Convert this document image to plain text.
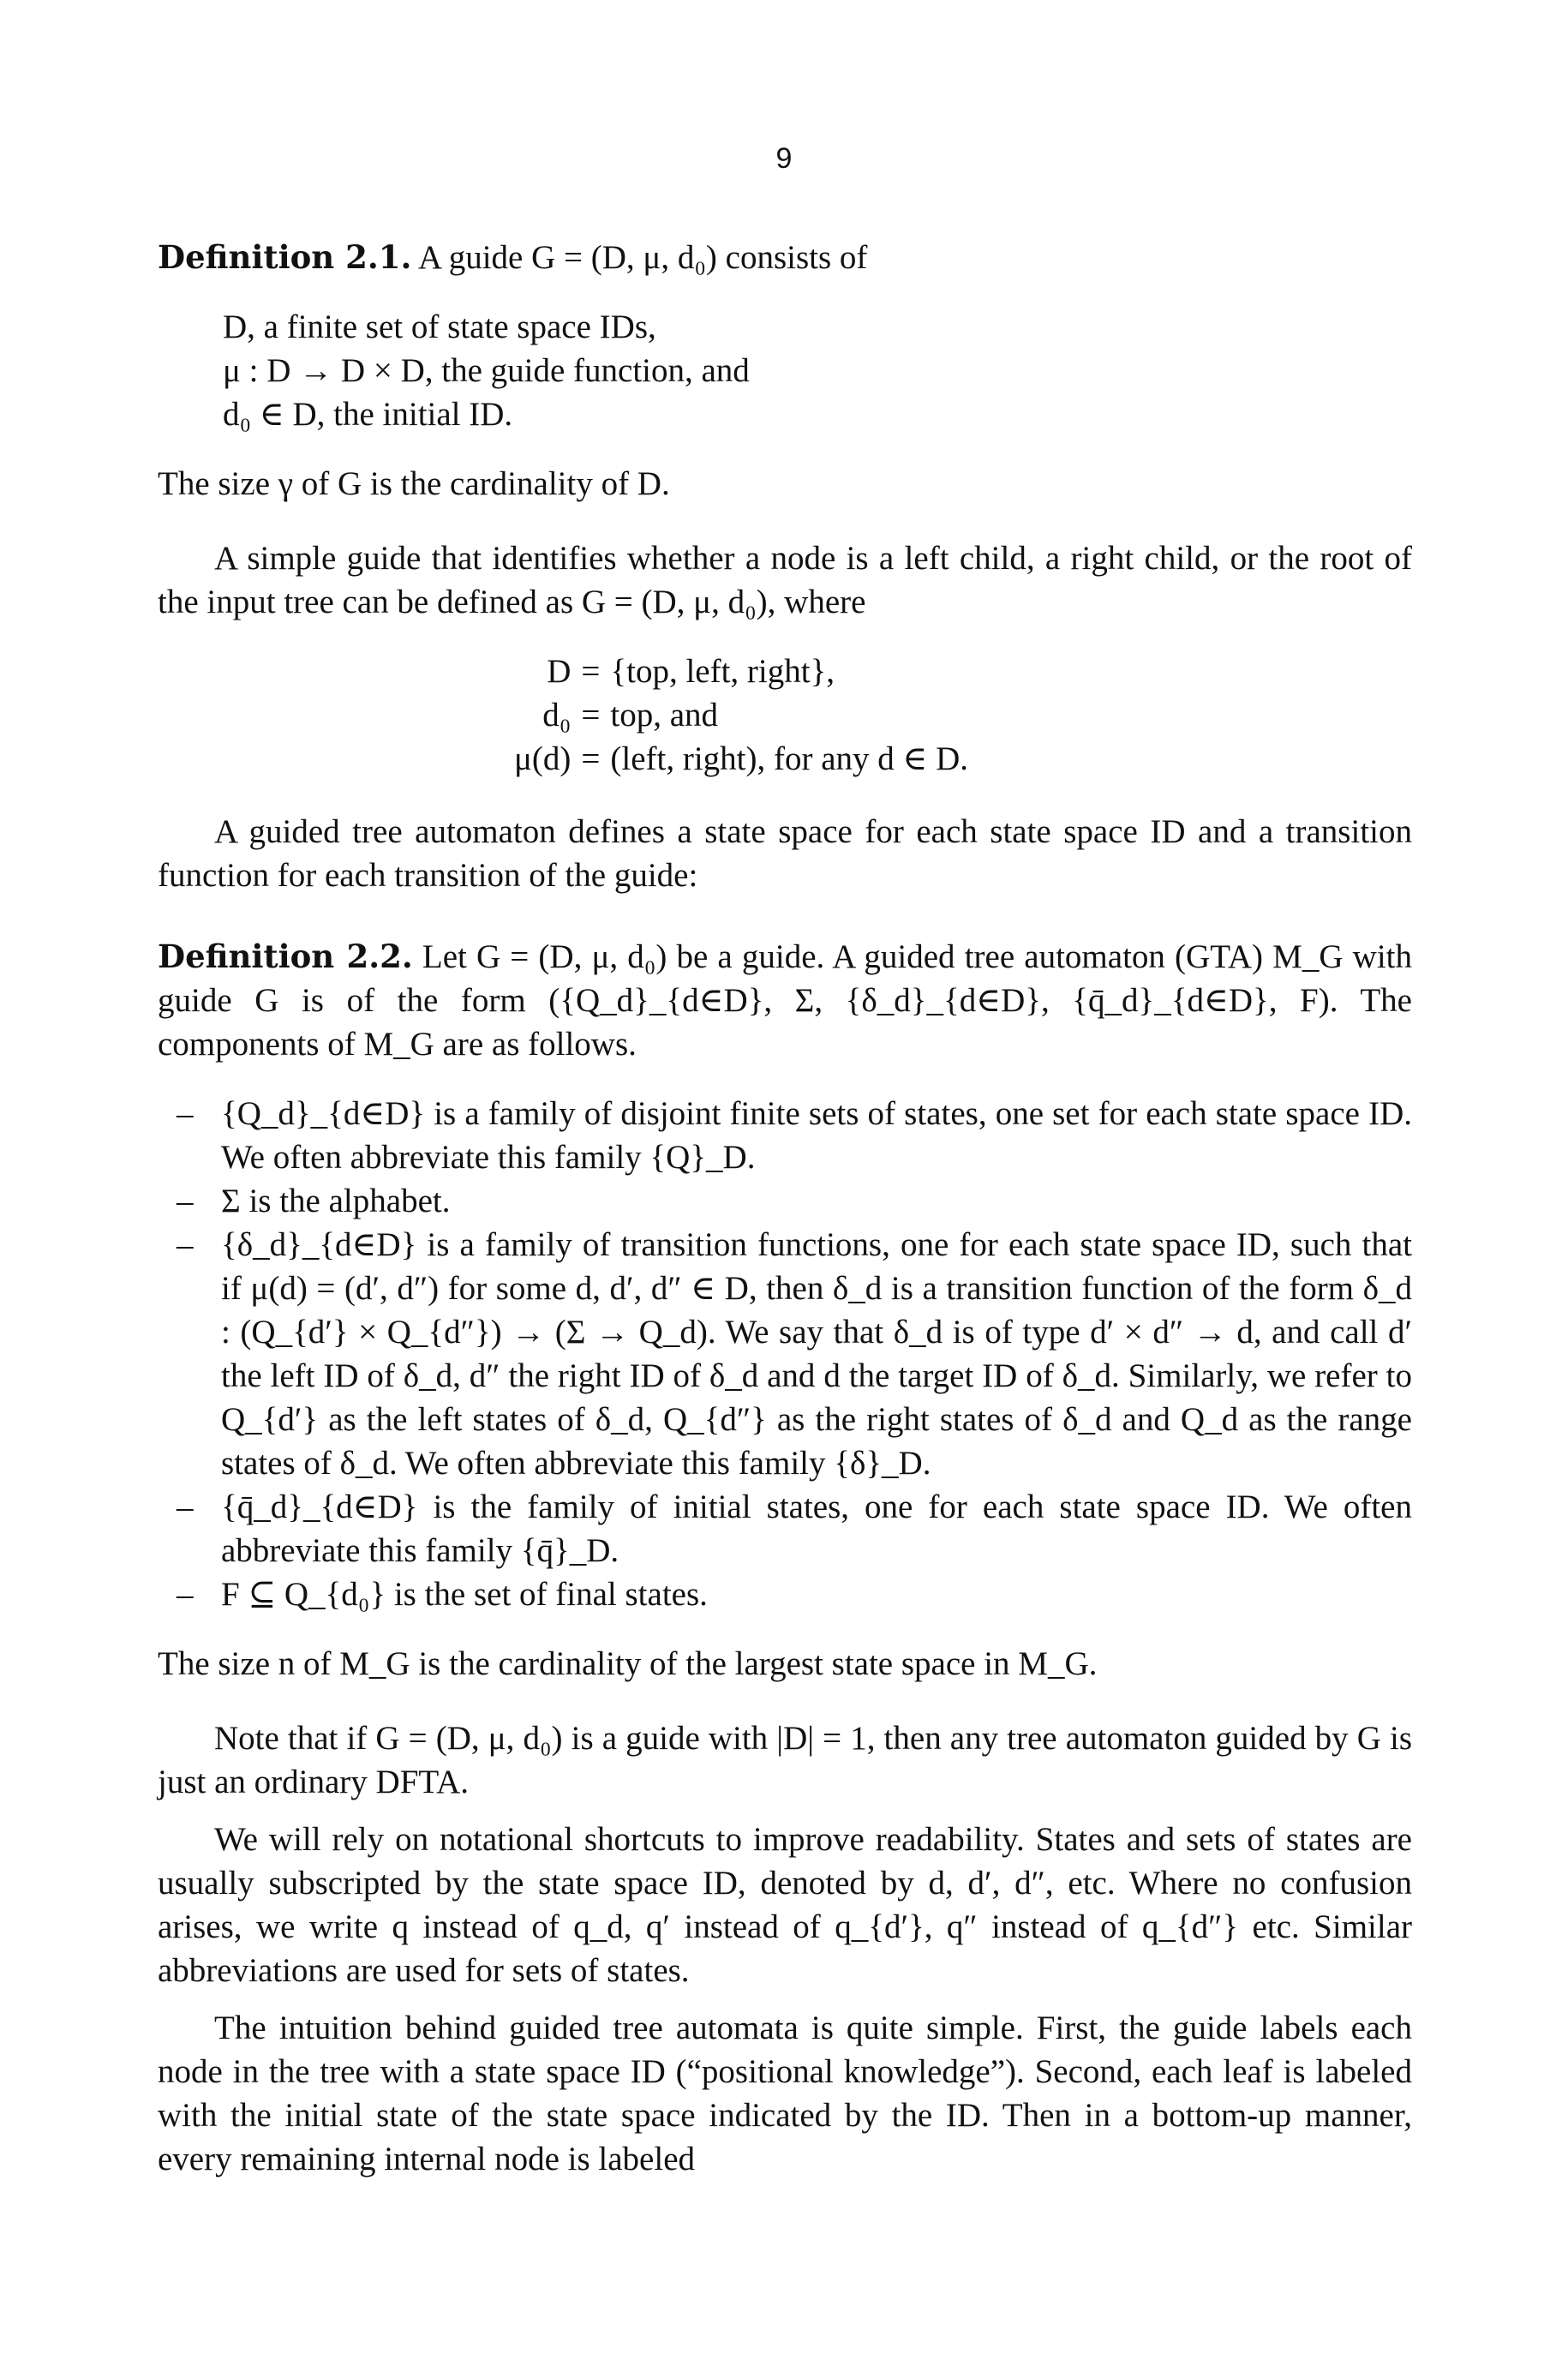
9

Definition 2.1. A guide G = (D, μ, d₀) consists of

D, a finite set of state space IDs,

μ : D → D × D, the guide function, and

d₀ ∈ D, the initial ID.

The size γ of G is the cardinality of D.

A simple guide that identifies whether a node is a left child, a right child, or the root of the input tree can be defined as G = (D, μ, d₀), where

D	=	{top, left, right},
d₀	=	top, and
μ(d)	=	(left, right), for any d ∈ D.

A guided tree automaton defines a state space for each state space ID and a transition function for each transition of the guide:

Definition 2.2. Let G = (D, μ, d₀) be a guide. A guided tree automaton (GTA) M_G with guide G is of the form ({Q_d}_{d∈D}, Σ, {δ_d}_{d∈D}, {q̄_d}_{d∈D}, F). The components of M_G are as follows.

– {Q_d}_{d∈D} is a family of disjoint finite sets of states, one set for each state space ID. We often abbreviate this family {Q}_D.
– Σ is the alphabet.
– {δ_d}_{d∈D} is a family of transition functions, one for each state space ID, such that if μ(d) = (d′, d″) for some d, d′, d″ ∈ D, then δ_d is a transition function of the form δ_d : (Q_{d′} × Q_{d″}) → (Σ → Q_d). We say that δ_d is of type d′ × d″ → d, and call d′ the left ID of δ_d, d″ the right ID of δ_d and d the target ID of δ_d. Similarly, we refer to Q_{d′} as the left states of δ_d, Q_{d″} as the right states of δ_d and Q_d as the range states of δ_d. We often abbreviate this family {δ}_D.
– {q̄_d}_{d∈D} is the family of initial states, one for each state space ID. We often abbreviate this family {q̄}_D.
– F ⊆ Q_{d₀} is the set of final states.

The size n of M_G is the cardinality of the largest state space in M_G.

Note that if G = (D, μ, d₀) is a guide with |D| = 1, then any tree automaton guided by G is just an ordinary DFTA.

We will rely on notational shortcuts to improve readability. States and sets of states are usually subscripted by the state space ID, denoted by d, d′, d″, etc. Where no confusion arises, we write q instead of q_d, q′ instead of q_{d′}, q″ instead of q_{d″} etc. Similar abbreviations are used for sets of states.

The intuition behind guided tree automata is quite simple. First, the guide labels each node in the tree with a state space ID (“positional knowledge”). Second, each leaf is labeled with the initial state of the state space indicated by the ID. Then in a bottom-up manner, every remaining internal node is labeled
